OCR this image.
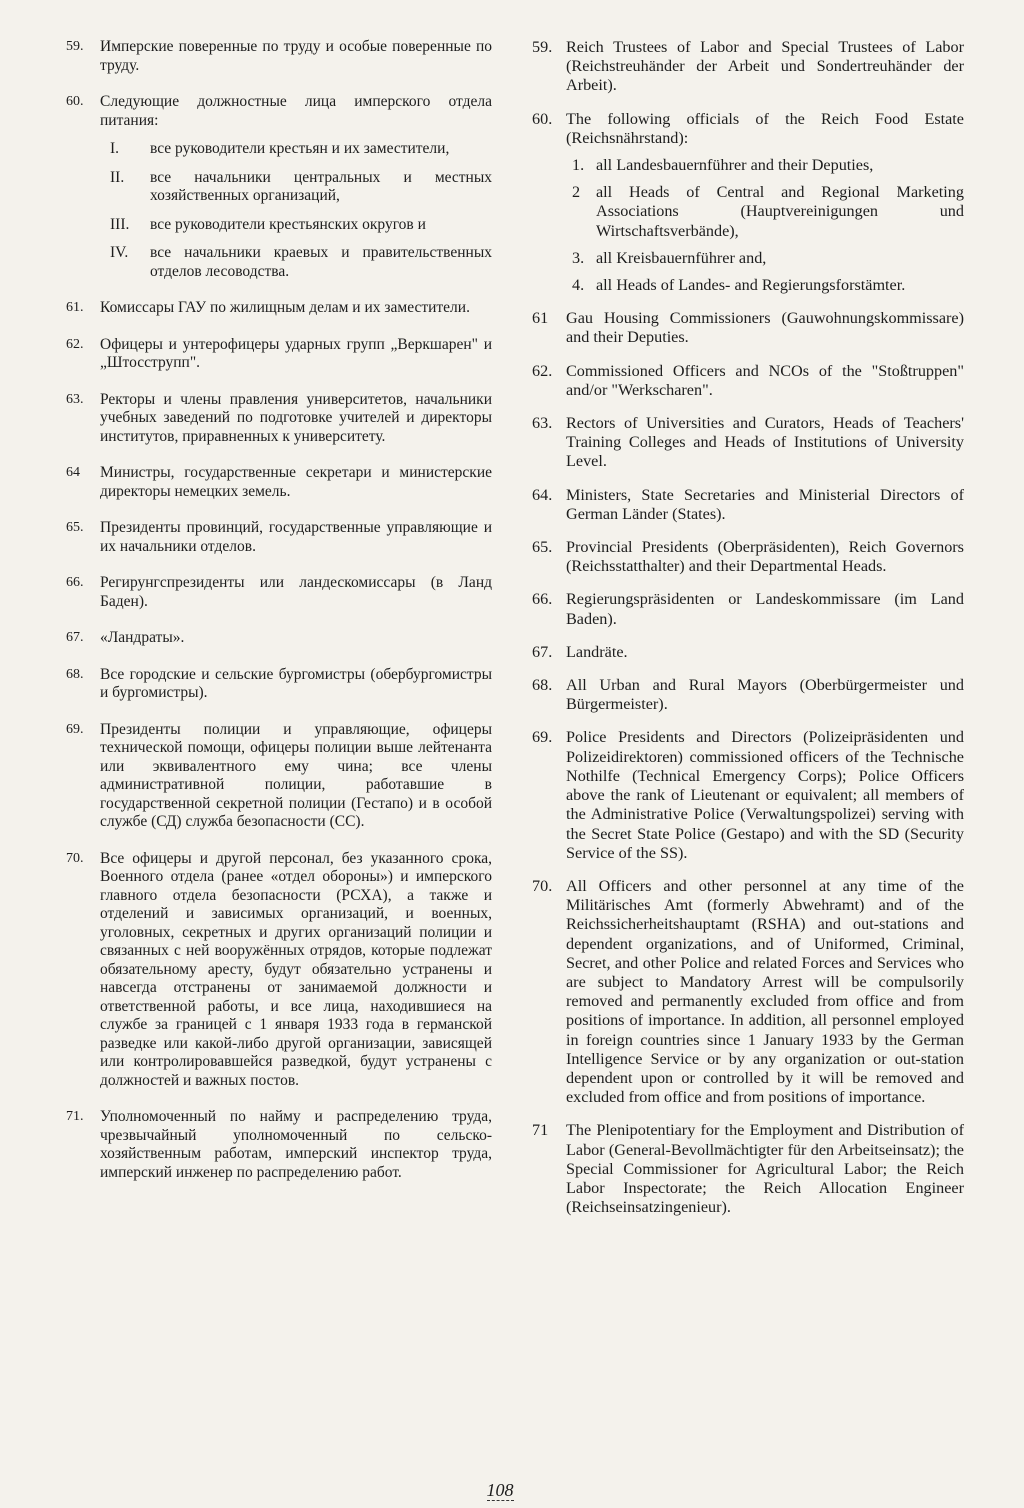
59.	Имперские поверенные по труду и особые поверенные по труду.
60.	Следующие должностные лица имперского отдела питания:
I.	все руководители крестьян и их заместители,
II.	все начальники центральных и местных хозяйственных организаций,
III.	все руководители крестьянских округов и
IV.	все начальники краевых и правительственных отделов лесоводства.
61.	Комиссары ГАУ по жилищным делам и их заместители.
62.	Офицеры и унтерофицеры ударных групп „Веркшарен" и „Штосструпп".
63.	Ректоры и члены правления университетов, начальники учебных заведений по подготовке учителей и директоры институтов, приравненных к университету.
64	Министры, государственные секретари и министерские директоры немецких земель.
65.	Президенты провинций, государственные управляющие и их начальники отделов.
66.	Регирунгспрезиденты или ландескомиссары (в Ланд Баден).
67.	«Ландраты».
68.	Все городские и сельские бургомистры (обербургомистры и бургомистры).
69.	Президенты полиции и управляющие, офицеры технической помощи, офицеры полиции выше лейтенанта или эквивалентного ему чина; все члены административной полиции, работавшие в государственной секретной полиции (Гестапо) и в особой службе (СД) служба безопасности (СС).
70.	Все офицеры и другой персонал, без указанного срока, Военного отдела (ранее «отдел обороны») и имперского главного отдела безопасности (РСХА), а также и отделений и зависимых организаций, и военных, уголовных, секретных и других организаций полиции и связанных с ней вооружённых отрядов, которые подлежат обязательному аресту, будут обязательно устранены и навсегда отстранены от занимаемой должности и ответственной работы, и все лица, находившиеся на службе за границей с 1 января 1933 года в германской разведке или какой-либо другой организации, зависящей или контролировавшейся разведкой, будут устранены с должностей и важных постов.
71.	Уполномоченный по найму и распределению труда, чрезвычайный уполномоченный по сельско-хозяйственным работам, имперский инспектор труда, имперский инженер по распределению работ.
59. Reich Trustees of Labor and Special Trustees of Labor (Reichstreuhänder der Arbeit und Sondertreuhänder der Arbeit).
60. The following officials of the Reich Food Estate (Reichsnährstand):
1. all Landesbauernführer and their Deputies,
2 all Heads of Central and Regional Marketing Associations (Hauptvereinigungen und Wirtschaftsverbände),
3. all Kreisbauernführer and,
4. all Heads of Landes- and Regierungsforstämter.
61	Gau Housing Commissioners (Gauwohnungskommissare) and their Deputies.
62. Commissioned Officers and NCOs of the "Stoßtruppen" and/or "Werkscharen".
63. Rectors of Universities and Curators, Heads of Teachers' Training Colleges and Heads of Institutions of University Level.
64. Ministers, State Secretaries and Ministerial Directors of German Länder (States).
65. Provincial Presidents (Oberpräsidenten), Reich Governors (Reichsstatthalter) and their Departmental Heads.
66. Regierungspräsidenten or Landeskommissare (im Land Baden).
67. Landräte.
68. All Urban and Rural Mayors (Oberbürgermeister und Bürgermeister).
69. Police Presidents and Directors (Polizeipräsidenten und Polizeidirektoren) commissioned officers of the Technische Nothilfe (Technical Emergency Corps); Police Officers above the rank of Lieutenant or equivalent; all members of the Administrative Police (Verwaltungspolizei) serving with the Secret State Police (Gestapo) and with the SD (Security Service of the SS).
70. All Officers and other personnel at any time of the Militärisches Amt (formerly Abwehramt) and of the Reichssicherheitshauptamt (RSHA) and out-stations and dependent organizations, and of Uniformed, Criminal, Secret, and other Police and related Forces and Services who are subject to Mandatory Arrest will be compulsorily removed and permanently excluded from office and from positions of importance. In addition, all personnel employed in foreign countries since 1 January 1933 by the German Intelligence Service or by any organization or out-station dependent upon or controlled by it will be removed and excluded from office and from positions of importance.
71	The Plenipotentiary for the Employment and Distribution of Labor (General-Bevollmächtigter für den Arbeitseinsatz); the Special Commissioner for Agricultural Labor; the Reich Labor Inspectorate; the Reich Allocation Engineer (Reichseinsatzingenieur).
108
